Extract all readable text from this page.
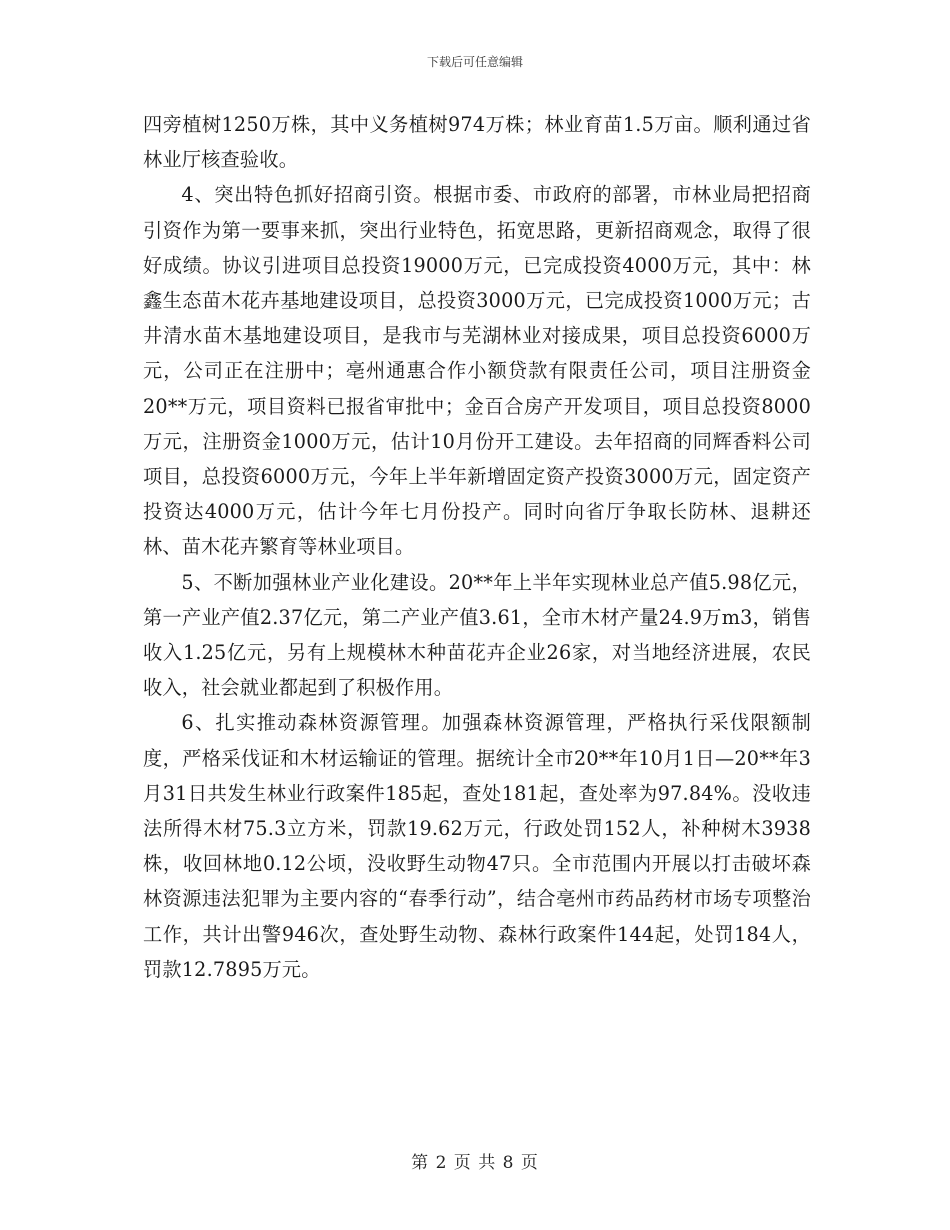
下载后可任意编辑

四旁植树1250万株，其中义务植树974万株；林业育苗1.5万亩。顺利通过省林业厅核查验收。

4、突出特色抓好招商引资。根据市委、市政府的部署，市林业局把招商引资作为第一要事来抓，突出行业特色，拓宽思路，更新招商观念，取得了很好成绩。协议引进项目总投资19000万元，已完成投资4000万元，其中：林鑫生态苗木花卉基地建设项目，总投资3000万元，已完成投资1000万元；古井清水苗木基地建设项目，是我市与芜湖林业对接成果，项目总投资6000万元，公司正在注册中；亳州通惠合作小额贷款有限责任公司，项目注册资金20**万元，项目资料已报省审批中；金百合房产开发项目，项目总投资8000万元，注册资金1000万元，估计10月份开工建设。去年招商的同辉香料公司项目，总投资6000万元，今年上半年新增固定资产投资3000万元，固定资产投资达4000万元，估计今年七月份投产。同时向省厅争取长防林、退耕还林、苗木花卉繁育等林业项目。

5、不断加强林业产业化建设。20**年上半年实现林业总产值5.98亿元，第一产业产值2.37亿元，第二产业产值3.61，全市木材产量24.9万m3，销售收入1.25亿元，另有上规模林木种苗花卉企业26家，对当地经济进展，农民收入，社会就业都起到了积极作用。

6、扎实推动森林资源管理。加强森林资源管理，严格执行采伐限额制度，严格采伐证和木材运输证的管理。据统计全市20**年10月1日—20**年3月31日共发生林业行政案件185起，查处181起，查处率为97.84%。没收违法所得木材75.3立方米，罚款19.62万元，行政处罚152人，补种树木3938株，收回林地0.12公顷，没收野生动物47只。全市范围内开展以打击破坏森林资源违法犯罪为主要内容的“春季行动”，结合亳州市药品药材市场专项整治工作，共计出警946次，查处野生动物、森林行政案件144起，处罚184人，罚款12.7895万元。

第 2 页 共 8 页
